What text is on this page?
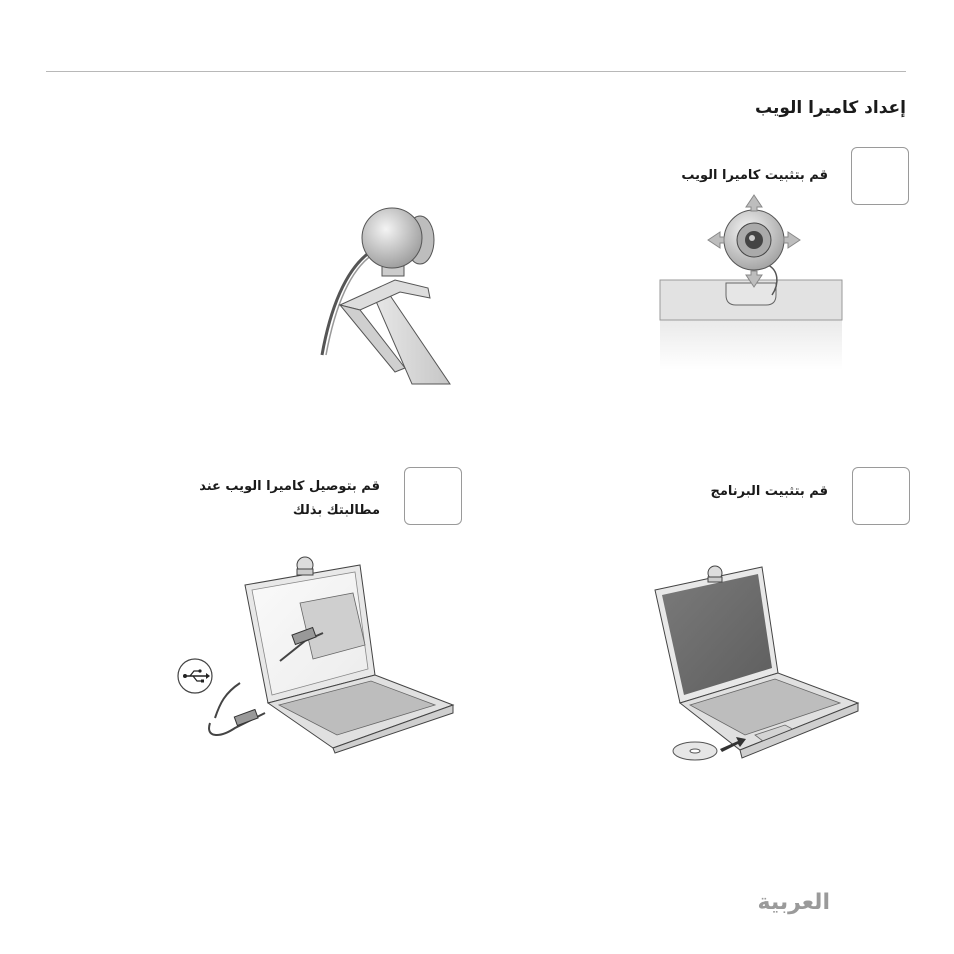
إعداد كاميرا الويب
قم بتثبيت كاميرا الويب
قم بتثبيت البرنامج
قم بتوصيل كاميرا الويب عند
مطالبتك بذلك
العربية
